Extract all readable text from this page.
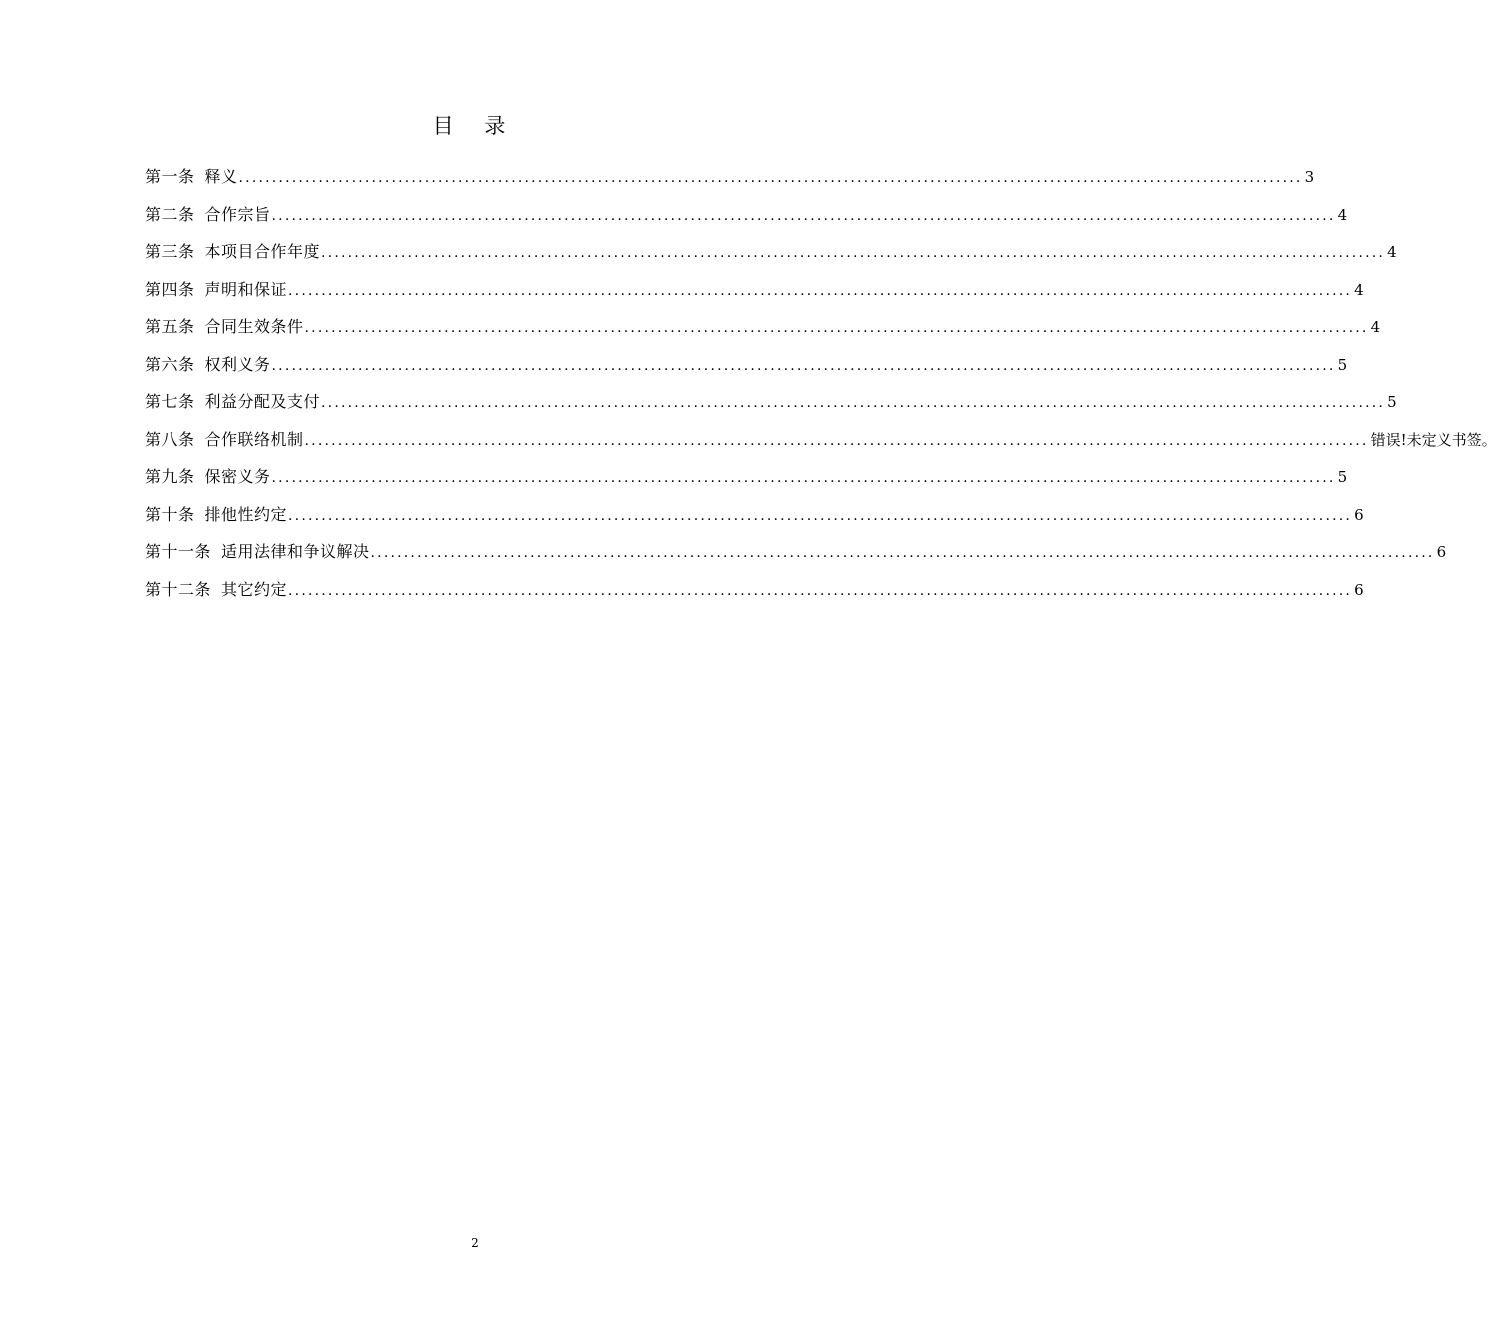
目 录
第一条 释义 ................................................................................................................................................................ 3
第二条 合作宗旨 ................................................................................................................................................................ 4
第三条 本项目合作年度 ................................................................................................................................................................ 4
第四条 声明和保证 ................................................................................................................................................................ 4
第五条 合同生效条件 ................................................................................................................................................................ 4
第六条 权利义务 ................................................................................................................................................................ 5
第七条 利益分配及支付 ................................................................................................................................................................ 5
第八条 合作联络机制 ................................................................................................................................................................ 错误!未定义书签。
第九条 保密义务 ................................................................................................................................................................ 5
第十条 排他性约定 ................................................................................................................................................................ 6
第十一条 适用法律和争议解决 ................................................................................................................................................................ 6
第十二条 其它约定 ................................................................................................................................................................ 6
2
